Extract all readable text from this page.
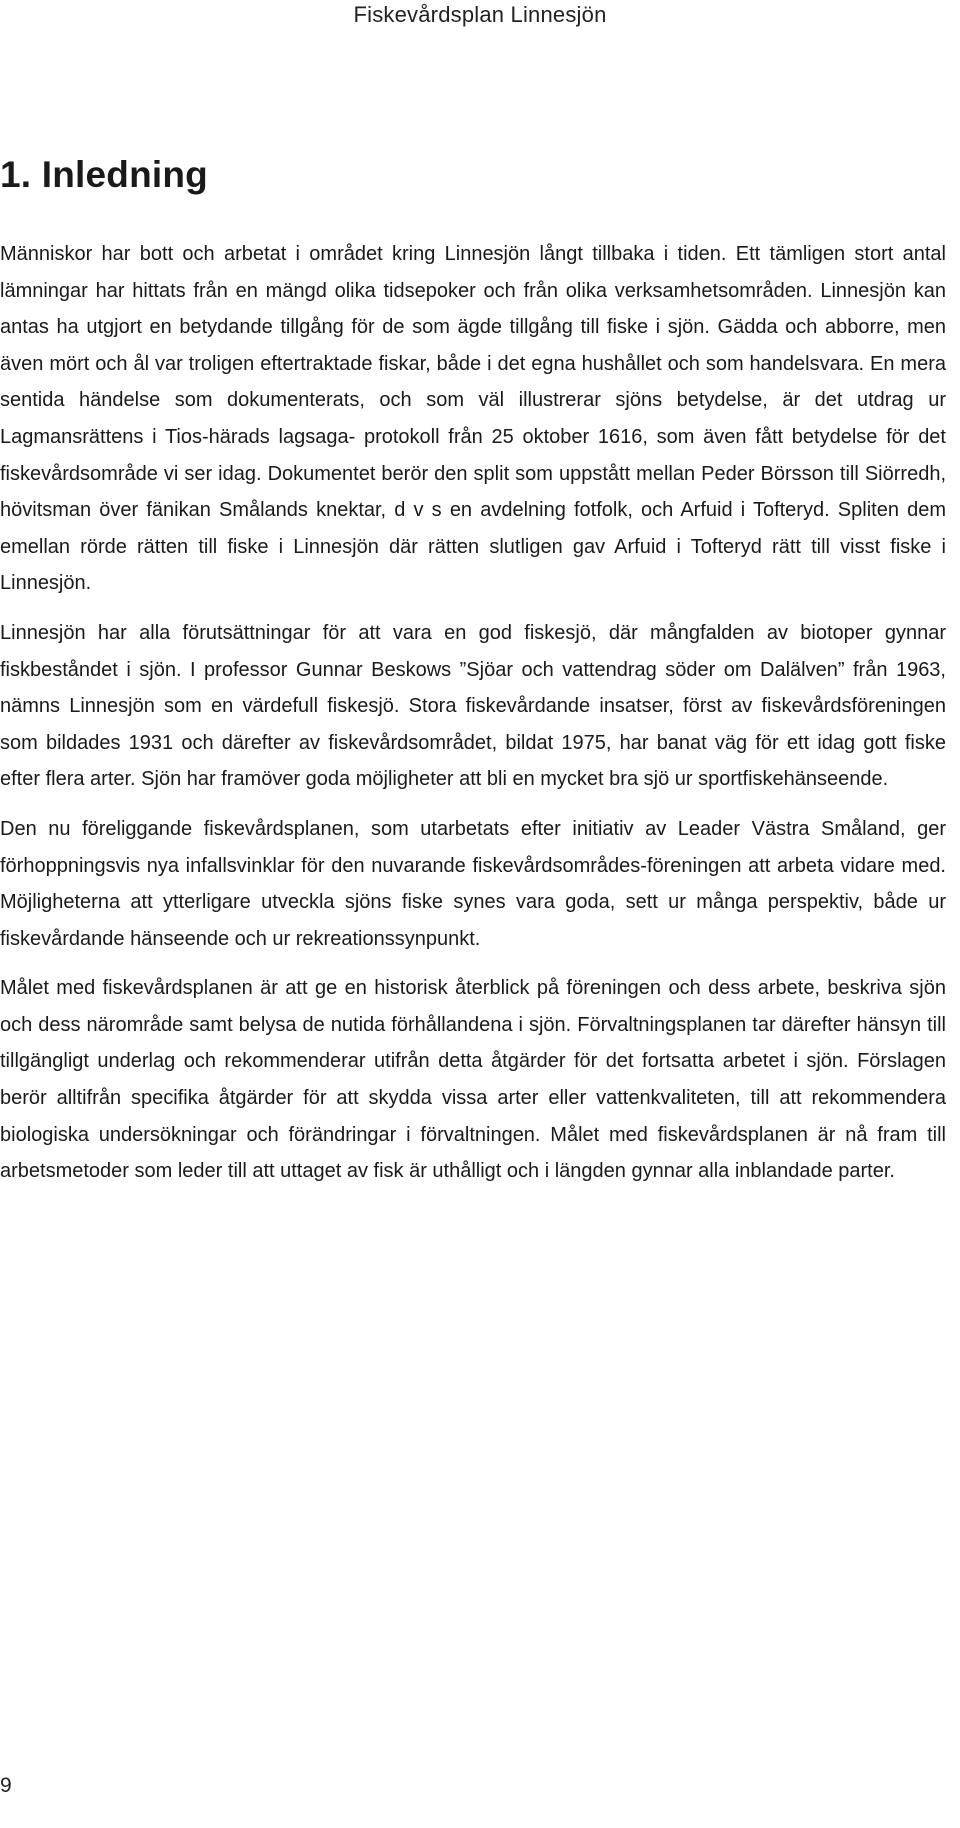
Fiskevårdsplan Linnesjön
1. Inledning

Människor har bott och arbetat i området kring Linnesjön långt tillbaka i tiden. Ett tämligen stort antal lämningar har hittats från en mängd olika tidsepoker och från olika verksamhetsområden. Linnesjön kan antas ha utgjort en betydande tillgång för de som ägde tillgång till fiske i sjön. Gädda och abborre, men även mört och ål var troligen eftertraktade fiskar, både i det egna hushållet och som handelsvara. En mera sentida händelse som dokumenterats, och som väl illustrerar sjöns betydelse, är det utdrag ur Lagmansrättens i Tios-härads lagsaga- protokoll från 25 oktober 1616, som även fått betydelse för det fiskevårdsområde vi ser idag. Dokumentet berör den split som uppstått mellan Peder Börsson till Siörredh, hövitsman över fänikan Smålands knektar, d v s en avdelning fotfolk, och Arfuid i Tofteryd. Spliten dem emellan rörde rätten till fiske i Linnesjön där rätten slutligen gav Arfuid i Tofteryd rätt till visst fiske i Linnesjön.

Linnesjön har alla förutsättningar för att vara en god fiskesjö, där mångfalden av biotoper gynnar fiskbeståndet i sjön. I professor Gunnar Beskows ”Sjöar och vattendrag söder om Dalälven” från 1963, nämns Linnesjön som en värdefull fiskesjö. Stora fiskevårdande insatser, först av fiskevårdsföreningen som bildades 1931 och därefter av fiskevårdsområdet, bildat 1975, har banat väg för ett idag gott fiske efter flera arter. Sjön har framöver goda möjligheter att bli en mycket bra sjö ur sportfiskehänseende.

Den nu föreliggande fiskevårdsplanen, som utarbetats efter initiativ av Leader Västra Småland, ger förhoppningsvis nya infallsvinklar för den nuvarande fiskevårdsområdes-föreningen att arbeta vidare med. Möjligheterna att ytterligare utveckla sjöns fiske synes vara goda, sett ur många perspektiv, både ur fiskevårdande hänseende och ur rekreationssynpunkt.

Målet med fiskevårdsplanen är att ge en historisk återblick på föreningen och dess arbete, beskriva sjön och dess närområde samt belysa de nutida förhållandena i sjön. Förvaltningsplanen tar därefter hänsyn till tillgängligt underlag och rekommenderar utifrån detta åtgärder för det fortsatta arbetet i sjön. Förslagen berör alltifrån specifika åtgärder för att skydda vissa arter eller vattenkvaliteten, till att rekommendera biologiska undersökningar och förändringar i förvaltningen. Målet med fiskevårdsplanen är nå fram till arbetsmetoder som leder till att uttaget av fisk är uthålligt och i längden gynnar alla inblandade parter.

9
